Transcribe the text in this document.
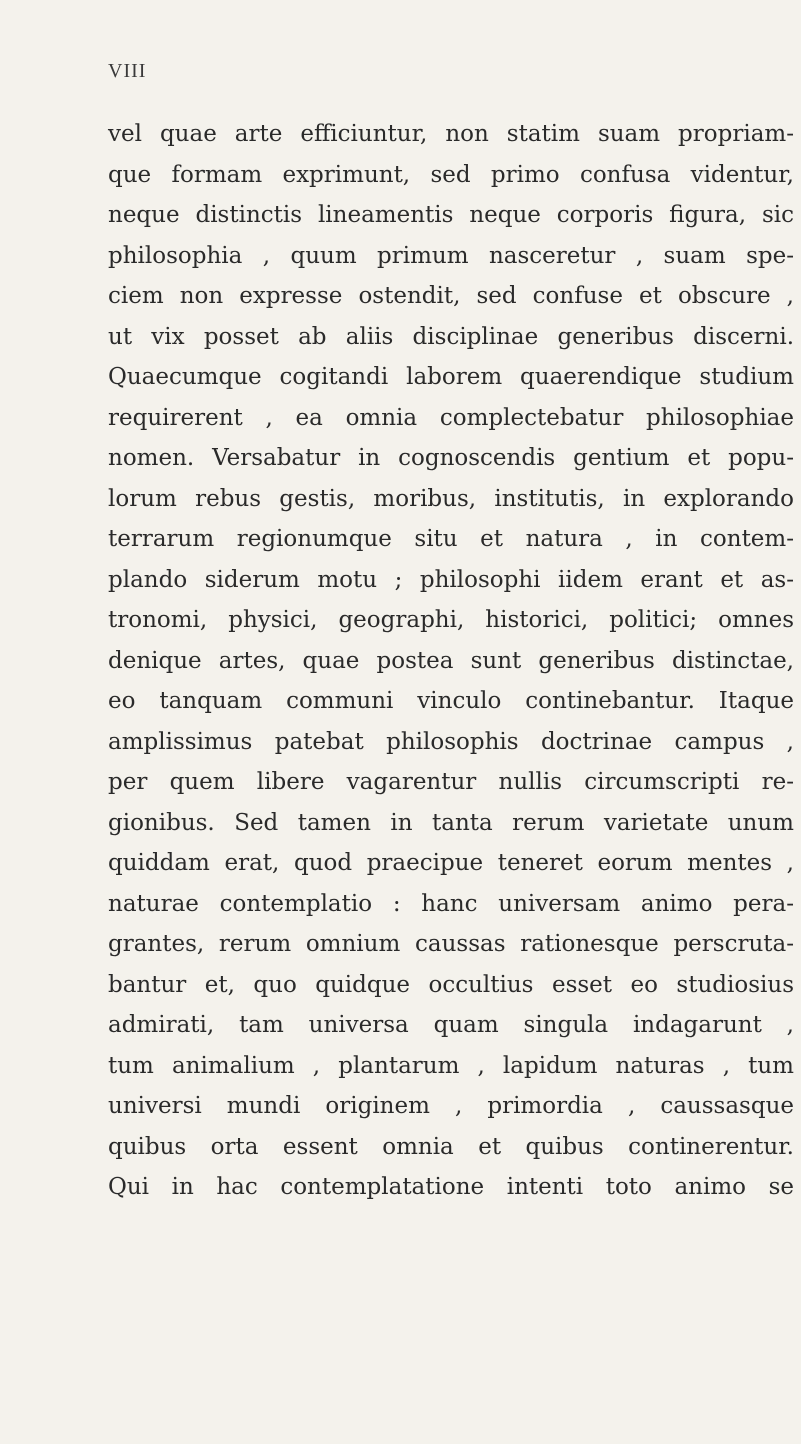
VIII
vel quae arte efficiuntur, non statim suam propriam-
que formam exprimunt, sed primo confusa videntur,
neque distinctis lineamentis neque corporis figura, sic
philosophia , quum primum nasceretur , suam spe-
ciem non expresse ostendit, sed confuse et obscure ,
ut vix posset ab aliis disciplinae generibus discerni.
Quaecumque cogitandi laborem quaerendique studium
requirerent , ea omnia complectebatur philosophiae
nomen. Versabatur in cognoscendis gentium et popu-
lorum rebus gestis, moribus, institutis, in explorando
terrarum regionumque situ et natura , in contem-
plando siderum motu ; philosophi iidem erant et as-
tronomi, physici, geographi, historici, politici; omnes
denique artes, quae postea sunt generibus distinctae,
eo tanquam communi vinculo continebantur. Itaque
amplissimus patebat philosophis doctrinae campus ,
per quem libere vagarentur nullis circumscripti re-
gionibus. Sed tamen in tanta rerum varietate unum
quiddam erat, quod praecipue teneret eorum mentes ,
naturae contemplatio : hanc universam animo pera-
grantes, rerum omnium caussas rationesque perscruta-
bantur et, quo quidque occultius esset eo studiosius
admirati, tam universa quam singula indagarunt ,
tum animalium , plantarum , lapidum naturas , tum
universi mundi originem , primordia , caussasque
quibus orta essent omnia et quibus continerentur.
Qui in hac contemplatatione intenti toto animo se
